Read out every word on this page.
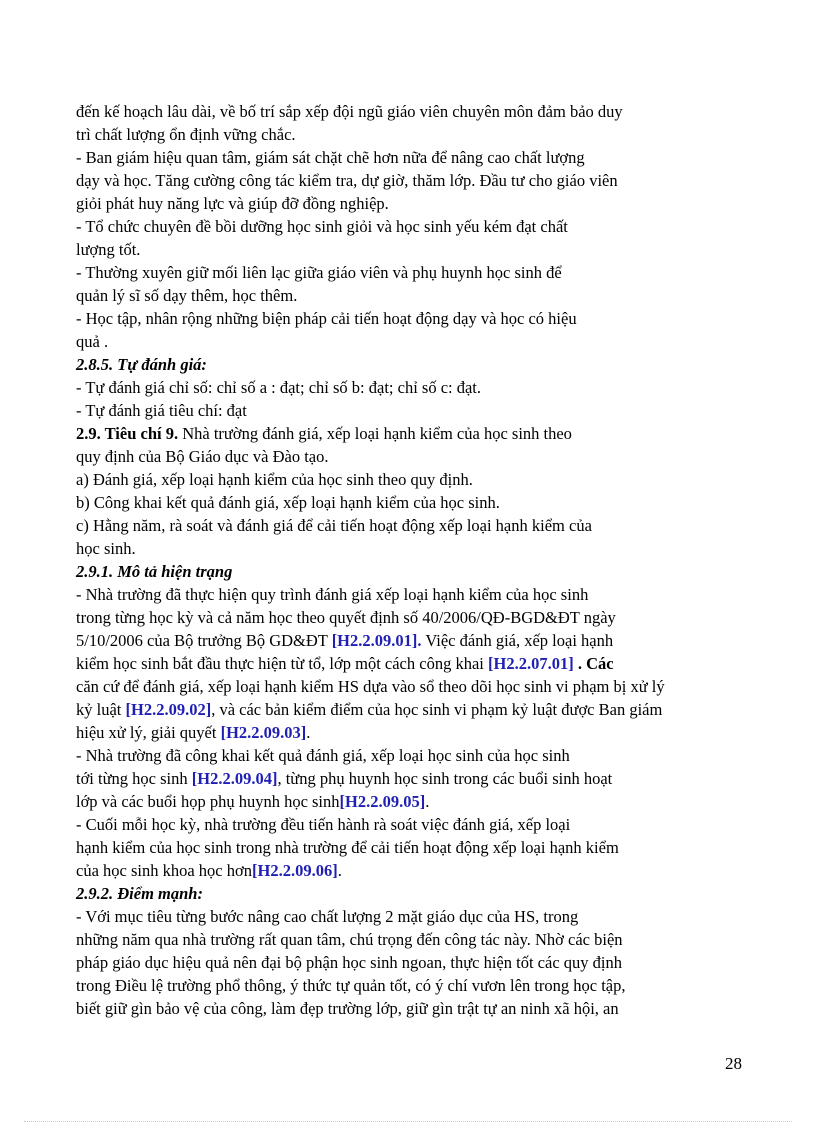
đến kế hoạch lâu dài, về bố trí sắp xếp đội ngũ giáo viên chuyên môn đảm bảo duy
trì chất lượng ổn định vững chắc.
- Ban giám hiệu quan tâm, giám sát chặt chẽ hơn nữa để nâng cao chất lượng
dạy và học. Tăng cường công tác kiểm tra, dự giờ, thăm lớp. Đầu tư cho giáo viên
giỏi phát huy năng lực và giúp đỡ đồng nghiệp.
- Tổ chức chuyên đề bồi dưỡng học sinh giỏi và học sinh yếu kém đạt chất
lượng tốt.
- Thường xuyên giữ mối liên lạc giữa giáo viên và phụ huynh học sinh để
quản lý sĩ số dạy thêm, học thêm.
- Học tập, nhân rộng những biện pháp cải tiến hoạt động dạy và học có hiệu
quả .
2.8.5. Tự đánh giá:
- Tự đánh giá chỉ số: chỉ số a : đạt; chỉ số b: đạt; chỉ số c: đạt.
- Tự đánh giá tiêu chí: đạt
2.9. Tiêu chí 9. Nhà trường đánh giá, xếp loại hạnh kiểm của học sinh theo
quy định của Bộ Giáo dục và Đào tạo.
a) Đánh giá, xếp loại hạnh kiểm của học sinh theo quy định.
b) Công khai kết quả đánh giá, xếp loại hạnh kiểm của học sinh.
c) Hằng năm, rà soát và đánh giá để cải tiến hoạt động xếp loại hạnh kiểm của
học sinh.
2.9.1. Mô tả hiện trạng
- Nhà trường đã thực hiện quy trình đánh giá xếp loại hạnh kiểm của học sinh
trong từng học kỳ và cả năm học theo quyết định số 40/2006/QĐ-BGD&ĐT ngày
5/10/2006 của Bộ trưởng Bộ GD&ĐT [H2.2.09.01]. Việc đánh giá, xếp loại hạnh
kiểm học sinh bắt đầu thực hiện từ tổ, lớp một cách công khai [H2.2.07.01] . Các
căn cứ để đánh giá, xếp loại hạnh kiểm HS dựa vào sổ theo dõi học sinh vi phạm bị xử lý
kỷ luật [H2.2.09.02], và các bản kiểm điểm của học sinh vi phạm kỷ luật được Ban giám
hiệu xử lý, giải quyết [H2.2.09.03].
- Nhà trường đã công khai kết quả đánh giá, xếp loại học sinh của học sinh
tới từng học sinh [H2.2.09.04], từng phụ huynh học sinh trong các buổi sinh hoạt
lớp và các buổi họp phụ huynh học sinh[H2.2.09.05].
- Cuối mỗi học kỳ, nhà trường đều tiến hành rà soát việc đánh giá, xếp loại
hạnh kiểm của học sinh trong nhà trường để cải tiến hoạt động xếp loại hạnh kiểm
của học sinh khoa học hơn[H2.2.09.06].
2.9.2. Điểm mạnh:
- Với mục tiêu từng bước nâng cao chất lượng 2 mặt giáo dục của HS, trong
những năm qua nhà trường rất quan tâm, chú trọng đến công tác này. Nhờ các biện
pháp giáo dục hiệu quả nên đại bộ phận học sinh ngoan, thực hiện tốt các quy định
trong Điều lệ trường phổ thông, ý thức tự quản tốt, có ý chí vươn lên trong học tập,
biết giữ gìn bảo vệ của công, làm đẹp trường lớp, giữ gìn trật tự an ninh xã hội, an
28
